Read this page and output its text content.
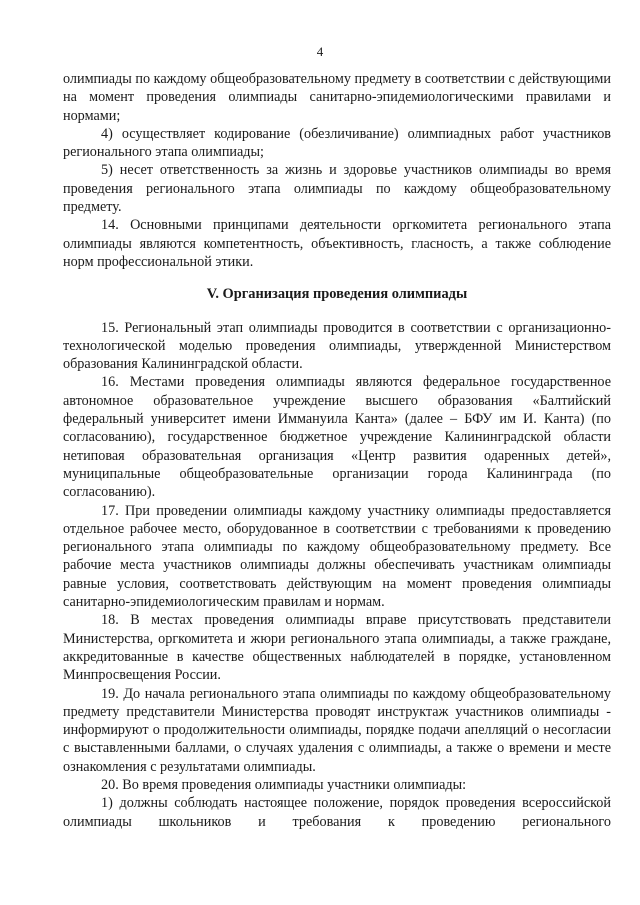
4

олимпиады по каждому общеобразовательному предмету в соответствии с действующими на момент проведения олимпиады санитарно-эпидемиологическими правилами и нормами;

4) осуществляет кодирование (обезличивание) олимпиадных работ участников регионального этапа олимпиады;

5) несет ответственность за жизнь и здоровье участников олимпиады во время проведения регионального этапа олимпиады по каждому общеобразовательному предмету.

14. Основными принципами деятельности оргкомитета регионального этапа олимпиады являются компетентность, объективность, гласность, а также соблюдение норм профессиональной этики.

V. Организация проведения олимпиады

15. Региональный этап олимпиады проводится в соответствии с организационно-технологической моделью проведения олимпиады, утвержденной Министерством образования Калининградской области.

16. Местами проведения олимпиады являются федеральное государственное автономное образовательное учреждение высшего образования «Балтийский федеральный университет имени Иммануила Канта» (далее – БФУ им И. Канта) (по согласованию), государственное бюджетное учреждение Калининградской области нетиповая образовательная организация «Центр развития одаренных детей», муниципальные общеобразовательные организации города Калининграда (по согласованию).

17. При проведении олимпиады каждому участнику олимпиады предоставляется отдельное рабочее место, оборудованное в соответствии с требованиями к проведению регионального этапа олимпиады по каждому общеобразовательному предмету. Все рабочие места участников олимпиады должны обеспечивать участникам олимпиады равные условия, соответствовать действующим на момент проведения олимпиады санитарно-эпидемиологическим правилам и нормам.

18. В местах проведения олимпиады вправе присутствовать представители Министерства, оргкомитета и жюри регионального этапа олимпиады, а также граждане, аккредитованные в качестве общественных наблюдателей в порядке, установленном Минпросвещения России.

19. До начала регионального этапа олимпиады по каждому общеобразовательному предмету представители Министерства проводят инструктаж участников олимпиады - информируют о продолжительности олимпиады, порядке подачи апелляций о несогласии с выставленными баллами, о случаях удаления с олимпиады, а также о времени и месте ознакомления с результатами олимпиады.

20. Во время проведения олимпиады участники олимпиады:

1) должны соблюдать настоящее положение, порядок проведения всероссийской олимпиады школьников и требования к проведению регионального
